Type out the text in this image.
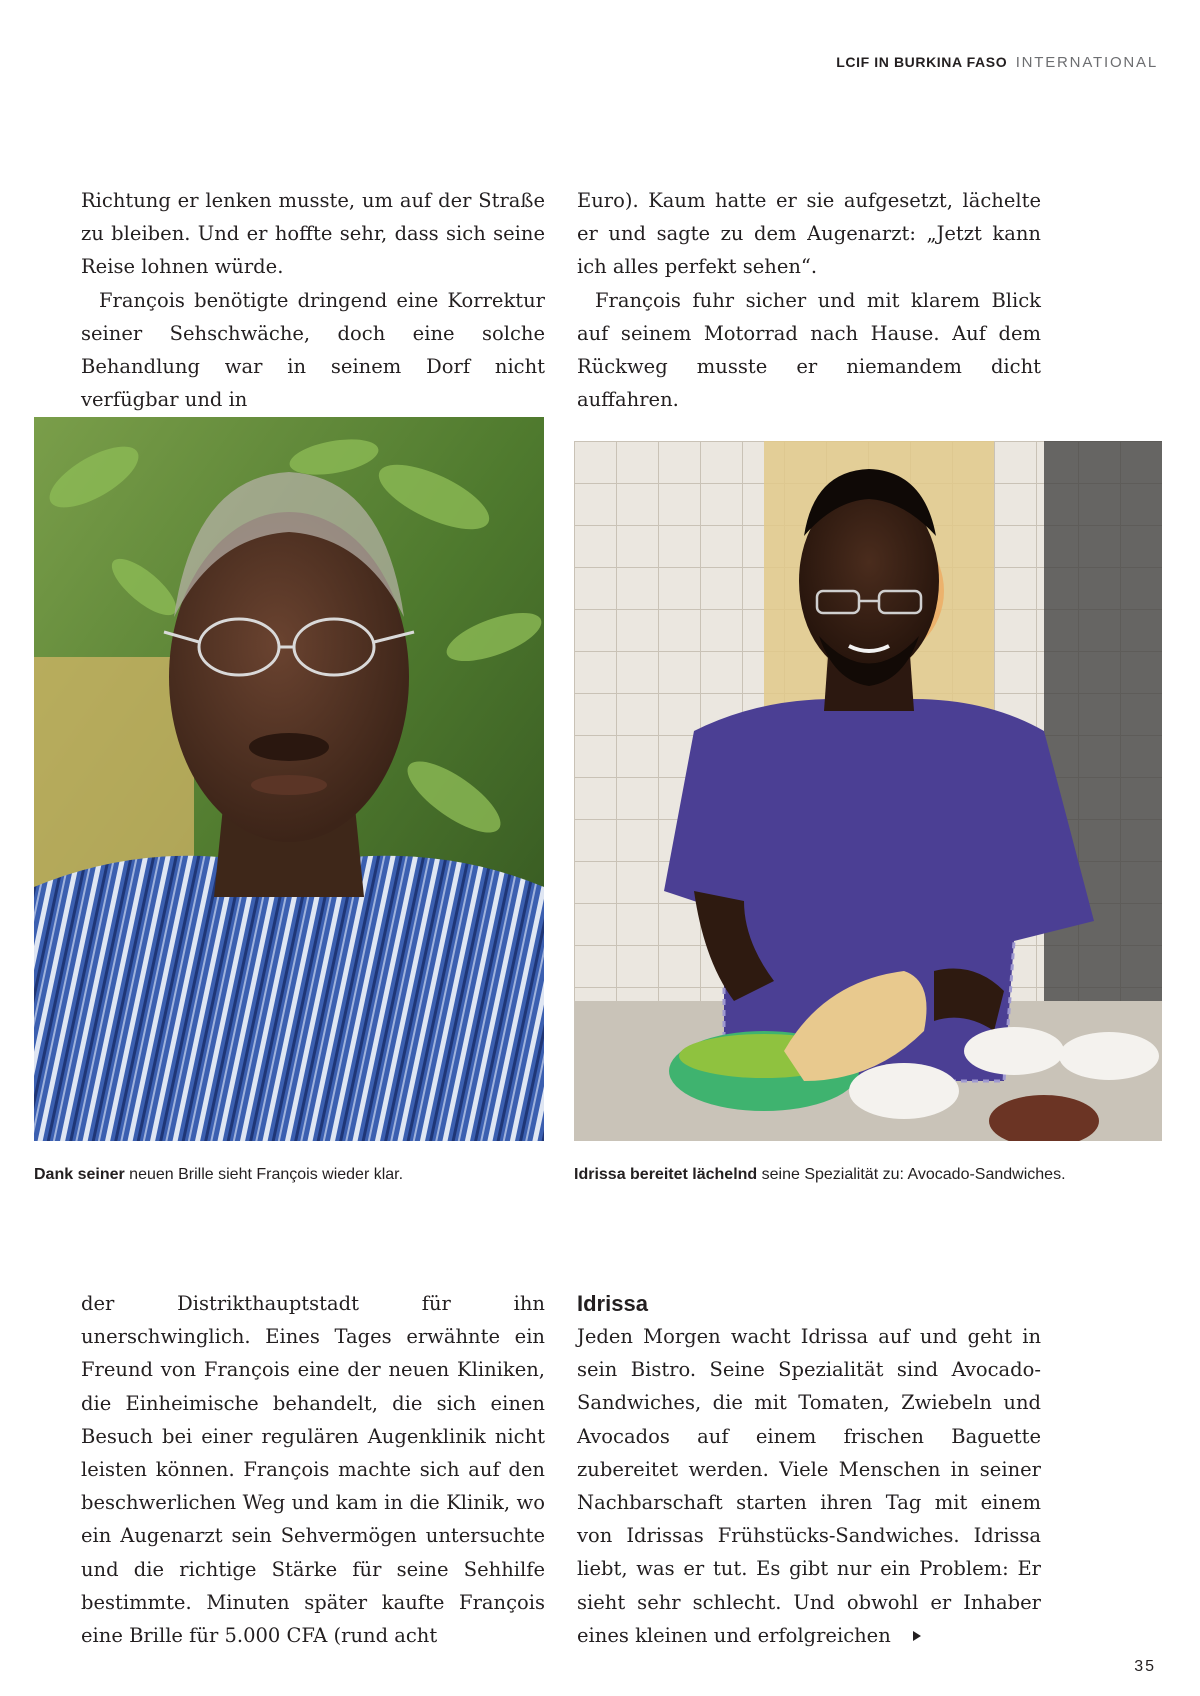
LCIF IN BURKINA FASO INTERNATIONAL

Richtung er lenken musste, um auf der Straße zu bleiben. Und er hoffte sehr, dass sich seine Reise lohnen würde.

François benötigte dringend eine Korrektur seiner Sehschwäche, doch eine solche Behandlung war in seinem Dorf nicht verfügbar und in

Euro). Kaum hatte er sie aufgesetzt, lächelte er und sagte zu dem Augenarzt: „Jetzt kann ich alles perfekt sehen“.

François fuhr sicher und mit klarem Blick auf seinem Motorrad nach Hause. Auf dem Rückweg musste er niemandem dicht auffahren.

Dank seiner neuen Brille sieht François wieder klar.	Idrissa bereitet lächelnd seine Spezialität zu: Avocado-Sandwiches.

der Distrikthauptstadt für ihn unerschwinglich. Eines Tages erwähnte ein Freund von François eine der neuen Kliniken, die Einheimische behandelt, die sich einen Besuch bei einer regulären Augenklinik nicht leisten können. François machte sich auf den beschwerlichen Weg und kam in die Klinik, wo ein Augenarzt sein Sehvermögen untersuchte und die richtige Stärke für seine Sehhilfe bestimmte. Minuten später kaufte François eine Brille für 5.000 CFA (rund acht

Idrissa

Jeden Morgen wacht Idrissa auf und geht in sein Bistro. Seine Spezialität sind Avocado-Sandwiches, die mit Tomaten, Zwiebeln und Avocados auf einem frischen Baguette zubereitet werden. Viele Menschen in seiner Nachbarschaft starten ihren Tag mit einem von Idrissas Frühstücks-Sandwiches. Idrissa liebt, was er tut. Es gibt nur ein Problem: Er sieht sehr schlecht. Und obwohl er Inhaber eines kleinen und erfolgreichen

35
